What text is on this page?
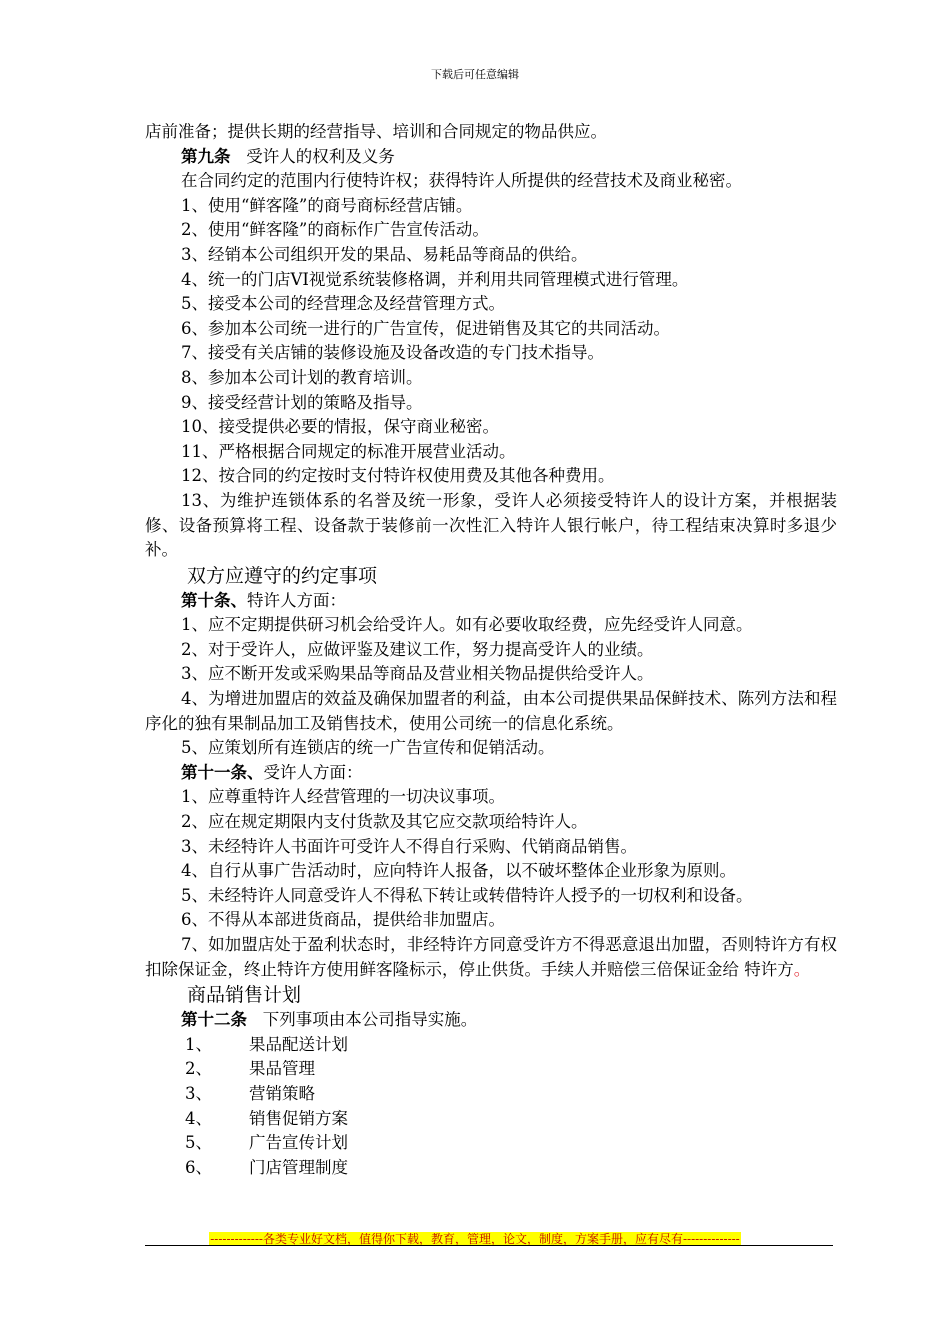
下载后可任意编辑
店前准备；提供长期的经营指导、培训和合同规定的物品供应。
第九条 受许人的权利及义务
在合同约定的范围内行使特许权；获得特许人所提供的经营技术及商业秘密。
1、使用“鲜客隆”的商号商标经营店铺。
2、使用“鲜客隆”的商标作广告宣传活动。
3、经销本公司组织开发的果品、易耗品等商品的供给。
4、统一的门店VI视觉系统装修格调，并利用共同管理模式进行管理。
5、接受本公司的经营理念及经营管理方式。
6、参加本公司统一进行的广告宣传，促进销售及其它的共同活动。
7、接受有关店铺的装修设施及设备改造的专门技术指导。
8、参加本公司计划的教育培训。
9、接受经营计划的策略及指导。
10、接受提供必要的情报，保守商业秘密。
11、严格根据合同规定的标准开展营业活动。
12、按合同的约定按时支付特许权使用费及其他各种费用。
13、为维护连锁体系的名誉及统一形象，受许人必须接受特许人的设计方案，并根据装修、设备预算将工程、设备款于装修前一次性汇入特许人银行帐户，待工程结束决算时多退少补。
双方应遵守的约定事项
第十条、特许人方面：
1、应不定期提供研习机会给受许人。如有必要收取经费，应先经受许人同意。
2、对于受许人，应做评鉴及建议工作，努力提高受许人的业绩。
3、应不断开发或采购果品等商品及营业相关物品提供给受许人。
4、为增进加盟店的效益及确保加盟者的利益，由本公司提供果品保鲜技术、陈列方法和程序化的独有果制品加工及销售技术，使用公司统一的信息化系统。
5、应策划所有连锁店的统一广告宣传和促销活动。
第十一条、受许人方面：
1、应尊重特许人经营管理的一切决议事项。
2、应在规定期限内支付货款及其它应交款项给特许人。
3、未经特许人书面许可受许人不得自行采购、代销商品销售。
4、自行从事广告活动时，应向特许人报备，以不破坏整体企业形象为原则。
5、未经特许人同意受许人不得私下转让或转借特许人授予的一切权利和设备。
6、不得从本部进货商品，提供给非加盟店。
7、如加盟店处于盈利状态时，非经特许方同意受许方不得恶意退出加盟，否则特许方有权扣除保证金，终止特许方使用鲜客隆标示，停止供货。手续人并赔偿三倍保证金给 特许方。
商品销售计划
第十二条 下列事项由本公司指导实施。
1、 果品配送计划
2、 果品管理
3、 营销策略
4、 销售促销方案
5、 广告宣传计划
6、 门店管理制度
-------------各类专业好文档，值得你下载，教育，管理，论文，制度，方案手册，应有尽有--------------
